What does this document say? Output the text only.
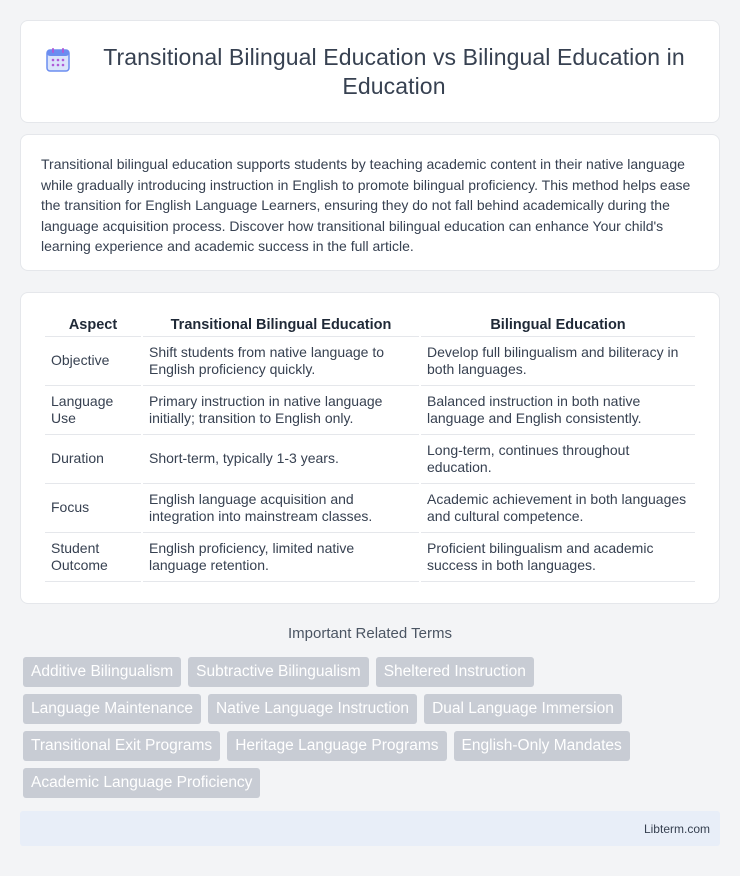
Transitional Bilingual Education vs Bilingual Education in Education

Transitional bilingual education supports students by teaching academic content in their native language while gradually introducing instruction in English to promote bilingual proficiency. This method helps ease the transition for English Language Learners, ensuring they do not fall behind academically during the language acquisition process. Discover how transitional bilingual education can enhance Your child's learning experience and academic success in the full article.

Aspect	Transitional Bilingual Education	Bilingual Education
Objective	Shift students from native language to English proficiency quickly.	Develop full bilingualism and biliteracy in both languages.
Language Use	Primary instruction in native language initially; transition to English only.	Balanced instruction in both native language and English consistently.
Duration	Short-term, typically 1-3 years.	Long-term, continues throughout education.
Focus	English language acquisition and integration into mainstream classes.	Academic achievement in both languages and cultural competence.
Student Outcome	English proficiency, limited native language retention.	Proficient bilingualism and academic success in both languages.
Important Related Terms
Additive Bilingualism	Subtractive Bilingualism	Sheltered Instruction
Language Maintenance	Native Language Instruction	Dual Language Immersion
Transitional Exit Programs	Heritage Language Programs	English-Only Mandates
Academic Language Proficiency
Libterm.com
